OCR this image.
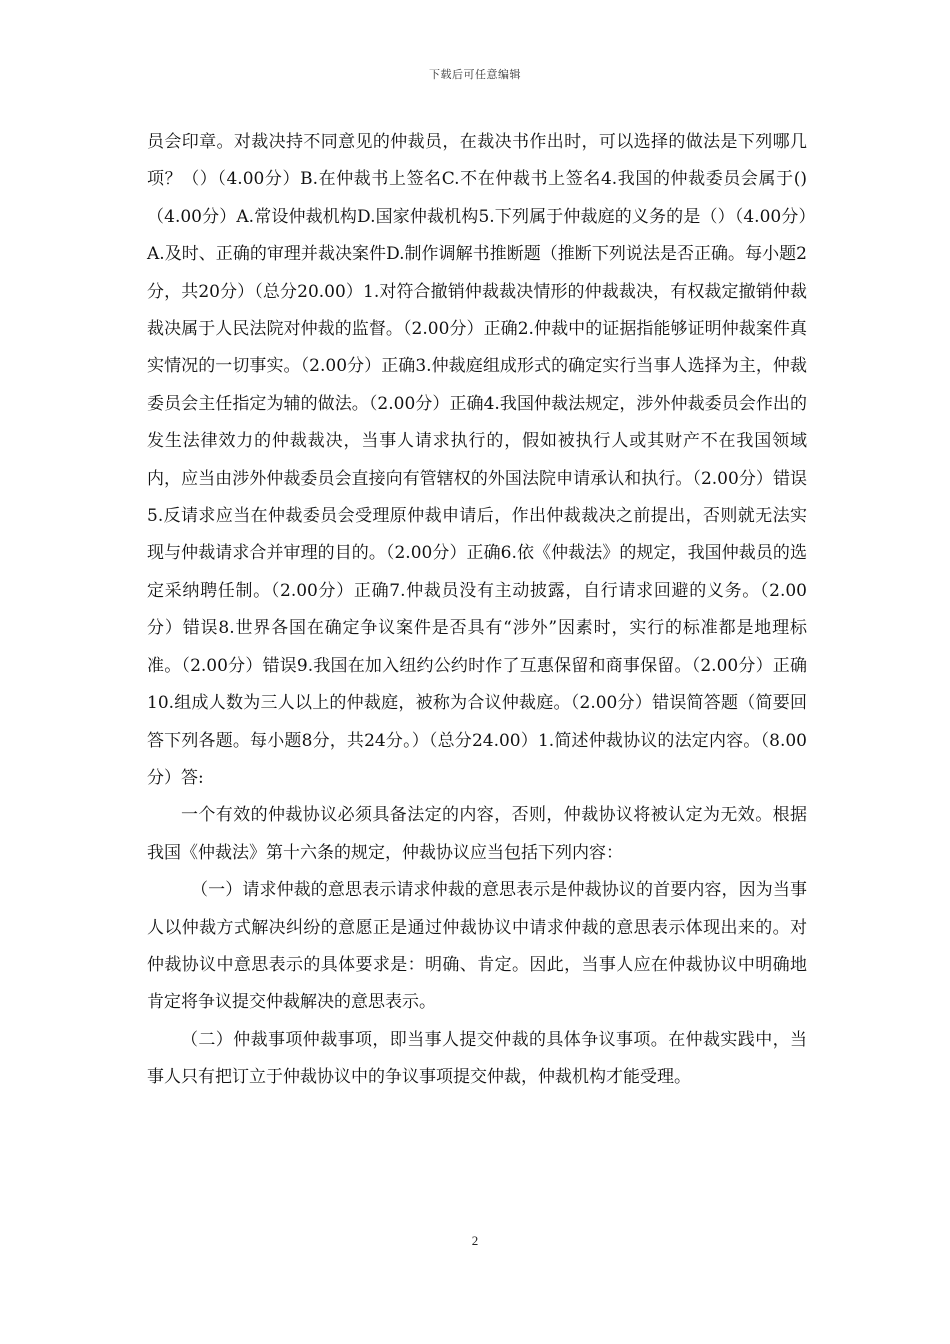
下载后可任意编辑

员会印章。对裁决持不同意见的仲裁员，在裁决书作出时，可以选择的做法是下列哪几项？（）（4.00分）B.在仲裁书上签名C.不在仲裁书上签名4.我国的仲裁委员会属于()（4.00分）A.常设仲裁机构D.国家仲裁机构5.下列属于仲裁庭的义务的是（）（4.00分）A.及时、正确的审理并裁决案件D.制作调解书推断题（推断下列说法是否正确。每小题2分，共20分）（总分20.00）1.对符合撤销仲裁裁决情形的仲裁裁决，有权裁定撤销仲裁裁决属于人民法院对仲裁的监督。（2.00分）正确2.仲裁中的证据指能够证明仲裁案件真实情况的一切事实。（2.00分）正确3.仲裁庭组成形式的确定实行当事人选择为主，仲裁委员会主任指定为辅的做法。（2.00分）正确4.我国仲裁法规定，涉外仲裁委员会作出的发生法律效力的仲裁裁决，当事人请求执行的，假如被执行人或其财产不在我国领域内，应当由涉外仲裁委员会直接向有管辖权的外国法院申请承认和执行。（2.00分）错误5.反请求应当在仲裁委员会受理原仲裁申请后，作出仲裁裁决之前提出，否则就无法实现与仲裁请求合并审理的目的。（2.00分）正确6.依《仲裁法》的规定，我国仲裁员的选定采纳聘任制。（2.00分）正确7.仲裁员没有主动披露，自行请求回避的义务。（2.00分）错误8.世界各国在确定争议案件是否具有“涉外”因素时，实行的标准都是地理标准。（2.00分）错误9.我国在加入纽约公约时作了互惠保留和商事保留。（2.00分）正确10.组成人数为三人以上的仲裁庭，被称为合议仲裁庭。（2.00分）错误简答题（简要回答下列各题。每小题8分，共24分。）（总分24.00）1.简述仲裁协议的法定内容。（8.00分）答:

一个有效的仲裁协议必须具备法定的内容，否则，仲裁协议将被认定为无效。根据我国《仲裁法》第十六条的规定，仲裁协议应当包括下列内容：

（一）请求仲裁的意思表示请求仲裁的意思表示是仲裁协议的首要内容，因为当事人以仲裁方式解决纠纷的意愿正是通过仲裁协议中请求仲裁的意思表示体现出来的。对仲裁协议中意思表示的具体要求是：明确、肯定。因此，当事人应在仲裁协议中明确地肯定将争议提交仲裁解决的意思表示。

（二）仲裁事项仲裁事项，即当事人提交仲裁的具体争议事项。在仲裁实践中，当事人只有把订立于仲裁协议中的争议事项提交仲裁，仲裁机构才能受理。

2
